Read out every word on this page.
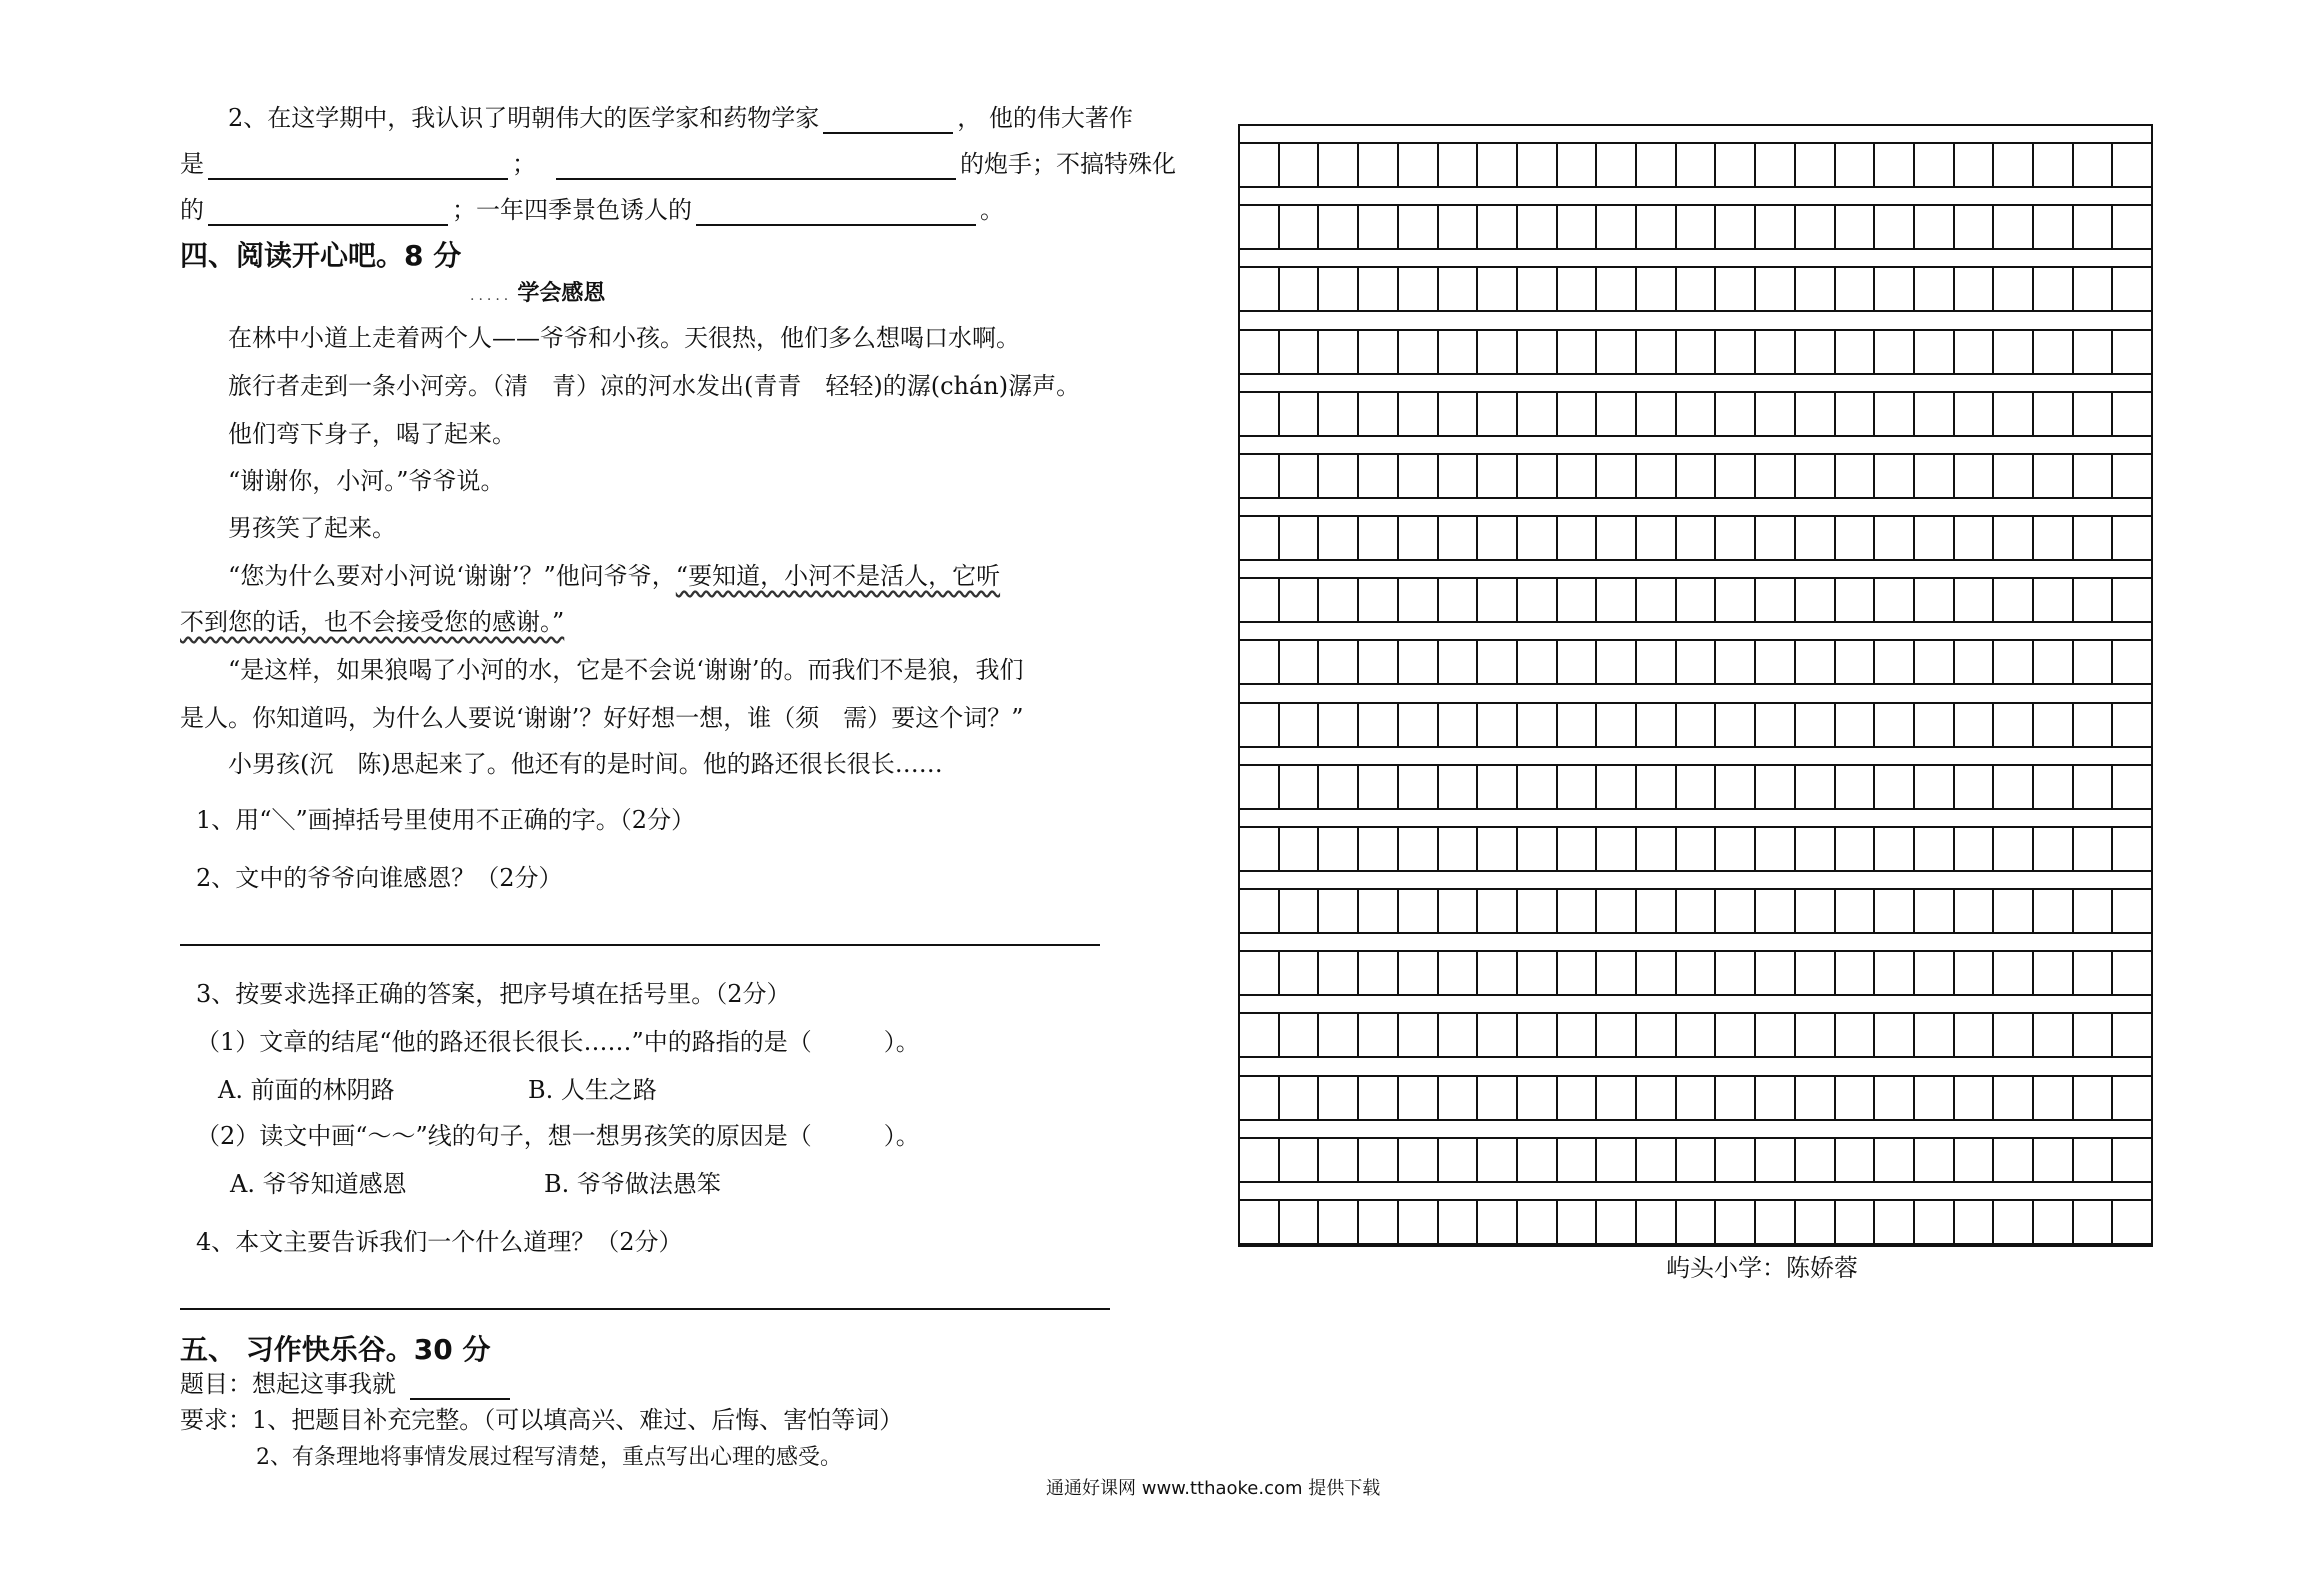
2、在这学期中，我认识了明朝伟大的医学家和药物学家	， 他的伟大著作
是	；	的炮手；不搞特殊化
的	；一年四季景色诱人的	。
四、阅读开心吧。8 分
..... 学会感恩
在林中小道上走着两个人——爷爷和小孩。天很热，他们多么想喝口水啊。
旅行者走到一条小河旁。（清　青）凉的河水发出(青青　轻轻)的潺(chán)潺声。
他们弯下身子，喝了起来。
“谢谢你，小河。”爷爷说。
男孩笑了起来。
“您为什么要对小河说‘谢谢’？”他问爷爷，“要知道，小河不是活人，它听
不到您的话，也不会接受您的感谢。”
“是这样，如果狼喝了小河的水，它是不会说‘谢谢’的。而我们不是狼，我们
是人。你知道吗，为什么人要说‘谢谢’？好好想一想，谁（须　需）要这个词？”
小男孩(沉　陈)思起来了。他还有的是时间。他的路还很长很长……
1、用“＼”画掉括号里使用不正确的字。（2分）
2、文中的爷爷向谁感恩？（2分）
3、按要求选择正确的答案，把序号填在括号里。（2分）
（1）文章的结尾“他的路还很长很长……”中的路指的是（　　　）。
A. 前面的林阴路	B. 人生之路
（2）读文中画“～～”线的句子，想一想男孩笑的原因是（　　　）。
A. 爷爷知道感恩	B. 爷爷做法愚笨
4、本文主要告诉我们一个什么道理？（2分）
五、 习作快乐谷。30 分
题目：想起这事我就
要求：1、把题目补充完整。（可以填高兴、难过、后悔、害怕等词）
2、有条理地将事情发展过程写清楚，重点写出心理的感受。
屿头小学：陈娇蓉
通通好课网 www.tthaoke.com 提供下载
